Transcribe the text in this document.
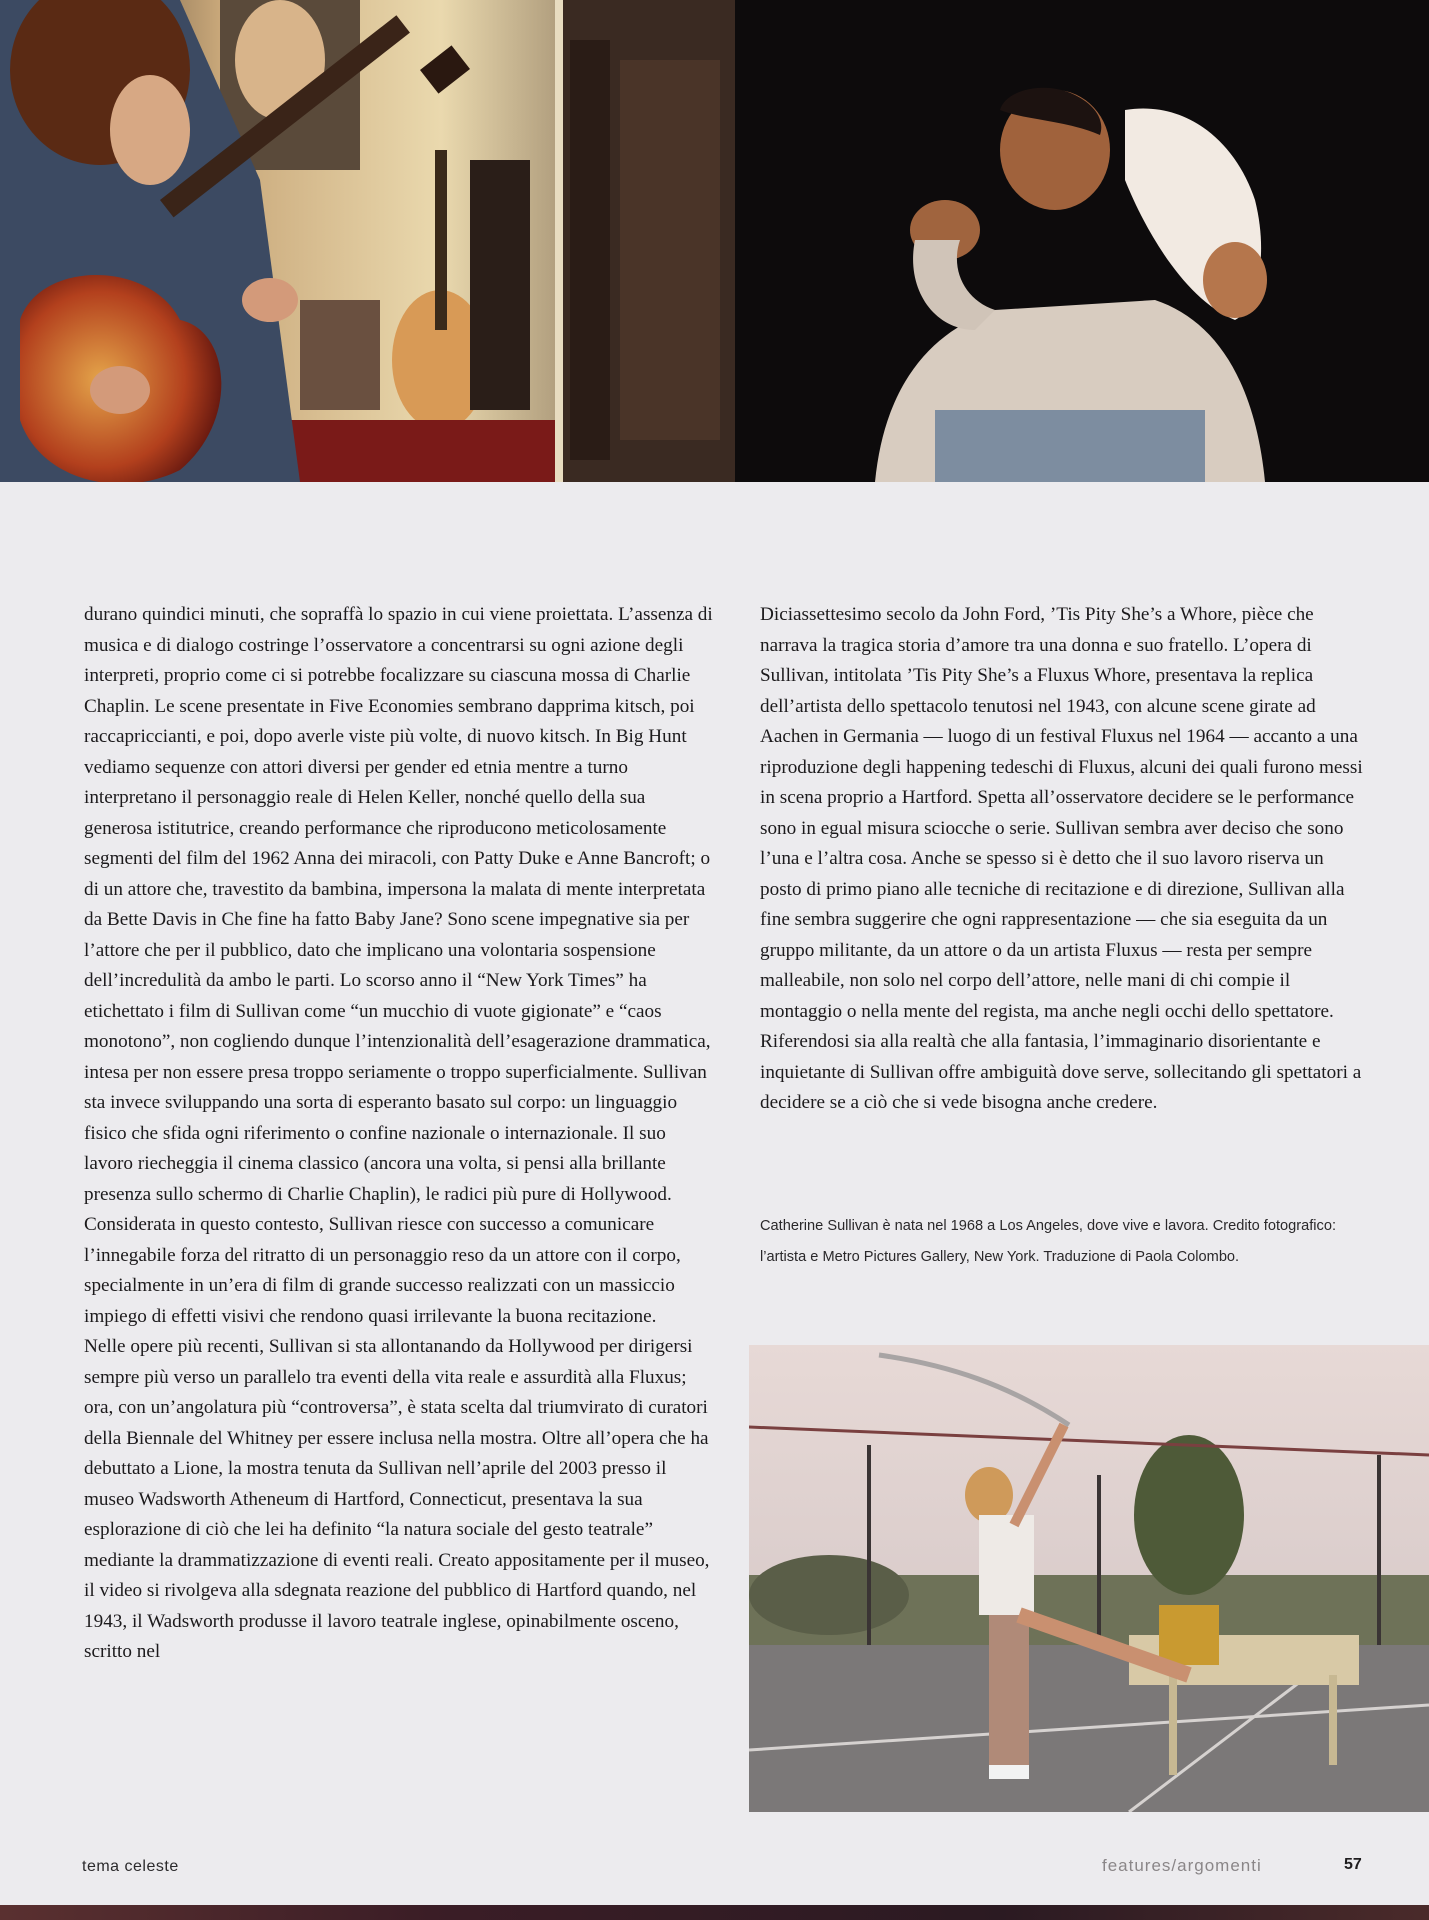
durano quindici minuti, che sopraffà lo spazio in cui viene proiettata. L’assenza di musica e di dialogo costringe l’osservatore a concentrarsi su ogni azione degli interpreti, proprio come ci si potrebbe focalizzare su ciascuna mossa di Charlie Chaplin. Le scene presentate in Five Economies sembrano dapprima kitsch, poi raccapriccianti, e poi, dopo averle viste più volte, di nuovo kitsch. In Big Hunt vediamo sequenze con attori diversi per gender ed etnia mentre a turno interpretano il personaggio reale di Helen Keller, nonché quello della sua generosa istitutrice, creando performance che riproducono meticolosamente segmenti del film del 1962 Anna dei miracoli, con Patty Duke e Anne Bancroft; o di un attore che, travestito da bambina, impersona la malata di mente interpretata da Bette Davis in Che fine ha fatto Baby Jane? Sono scene impegnative sia per l’attore che per il pubblico, dato che implicano una volontaria sospensione dell’incredulità da ambo le parti. Lo scorso anno il “New York Times” ha etichettato i film di Sullivan come “un mucchio di vuote gigionate” e “caos monotono”, non cogliendo dunque l’intenzionalità dell’esagerazione drammatica, intesa per non essere presa troppo seriamente o troppo superficialmente. Sullivan sta invece sviluppando una sorta di esperanto basato sul corpo: un linguaggio fisico che sfida ogni riferimento o confine nazionale o internazionale. Il suo lavoro riecheggia il cinema classico (ancora una volta, si pensi alla brillante presenza sullo schermo di Charlie Chaplin), le radici più pure di Hollywood. Considerata in questo contesto, Sullivan riesce con successo a comunicare l’innegabile forza del ritratto di un personaggio reso da un attore con il corpo, specialmente in un’era di film di grande successo realizzati con un massiccio impiego di effetti visivi che rendono quasi irrilevante la buona recitazione.

Nelle opere più recenti, Sullivan si sta allontanando da Hollywood per dirigersi sempre più verso un parallelo tra eventi della vita reale e assurdità alla Fluxus; ora, con un’angolatura più “controversa”, è stata scelta dal triumvirato di curatori della Biennale del Whitney per essere inclusa nella mostra. Oltre all’opera che ha debuttato a Lione, la mostra tenuta da Sullivan nell’aprile del 2003 presso il museo Wadsworth Atheneum di Hartford, Connecticut, presentava la sua esplorazione di ciò che lei ha definito “la natura sociale del gesto teatrale” mediante la drammatizzazione di eventi reali. Creato appositamente per il museo, il video si rivolgeva alla sdegnata reazione del pubblico di Hartford quando, nel 1943, il Wadsworth produsse il lavoro teatrale inglese, opinabilmente osceno, scritto nel

Diciassettesimo secolo da John Ford, ’Tis Pity She’s a Whore, pièce che narrava la tragica storia d’amore tra una donna e suo fratello. L’opera di Sullivan, intitolata ’Tis Pity She’s a Fluxus Whore, presentava la replica dell’artista dello spettacolo tenutosi nel 1943, con alcune scene girate ad Aachen in Germania — luogo di un festival Fluxus nel 1964 — accanto a una riproduzione degli happening tedeschi di Fluxus, alcuni dei quali furono messi in scena proprio a Hartford. Spetta all’osservatore decidere se le performance sono in egual misura sciocche o serie. Sullivan sembra aver deciso che sono l’una e l’altra cosa. Anche se spesso si è detto che il suo lavoro riserva un posto di primo piano alle tecniche di recitazione e di direzione, Sullivan alla fine sembra suggerire che ogni rappresentazione — che sia eseguita da un gruppo militante, da un attore o da un artista Fluxus — resta per sempre malleabile, non solo nel corpo dell’attore, nelle mani di chi compie il montaggio o nella mente del regista, ma anche negli occhi dello spettatore. Riferendosi sia alla realtà che alla fantasia, l’immaginario disorientante e inquietante di Sullivan offre ambiguità dove serve, sollecitando gli spettatori a decidere se a ciò che si vede bisogna anche credere.

Catherine Sullivan è nata nel 1968 a Los Angeles, dove vive e lavora. Credito fotografico: l’artista e Metro Pictures Gallery, New York. Traduzione di Paola Colombo.
tema celeste	features/argomenti	57
